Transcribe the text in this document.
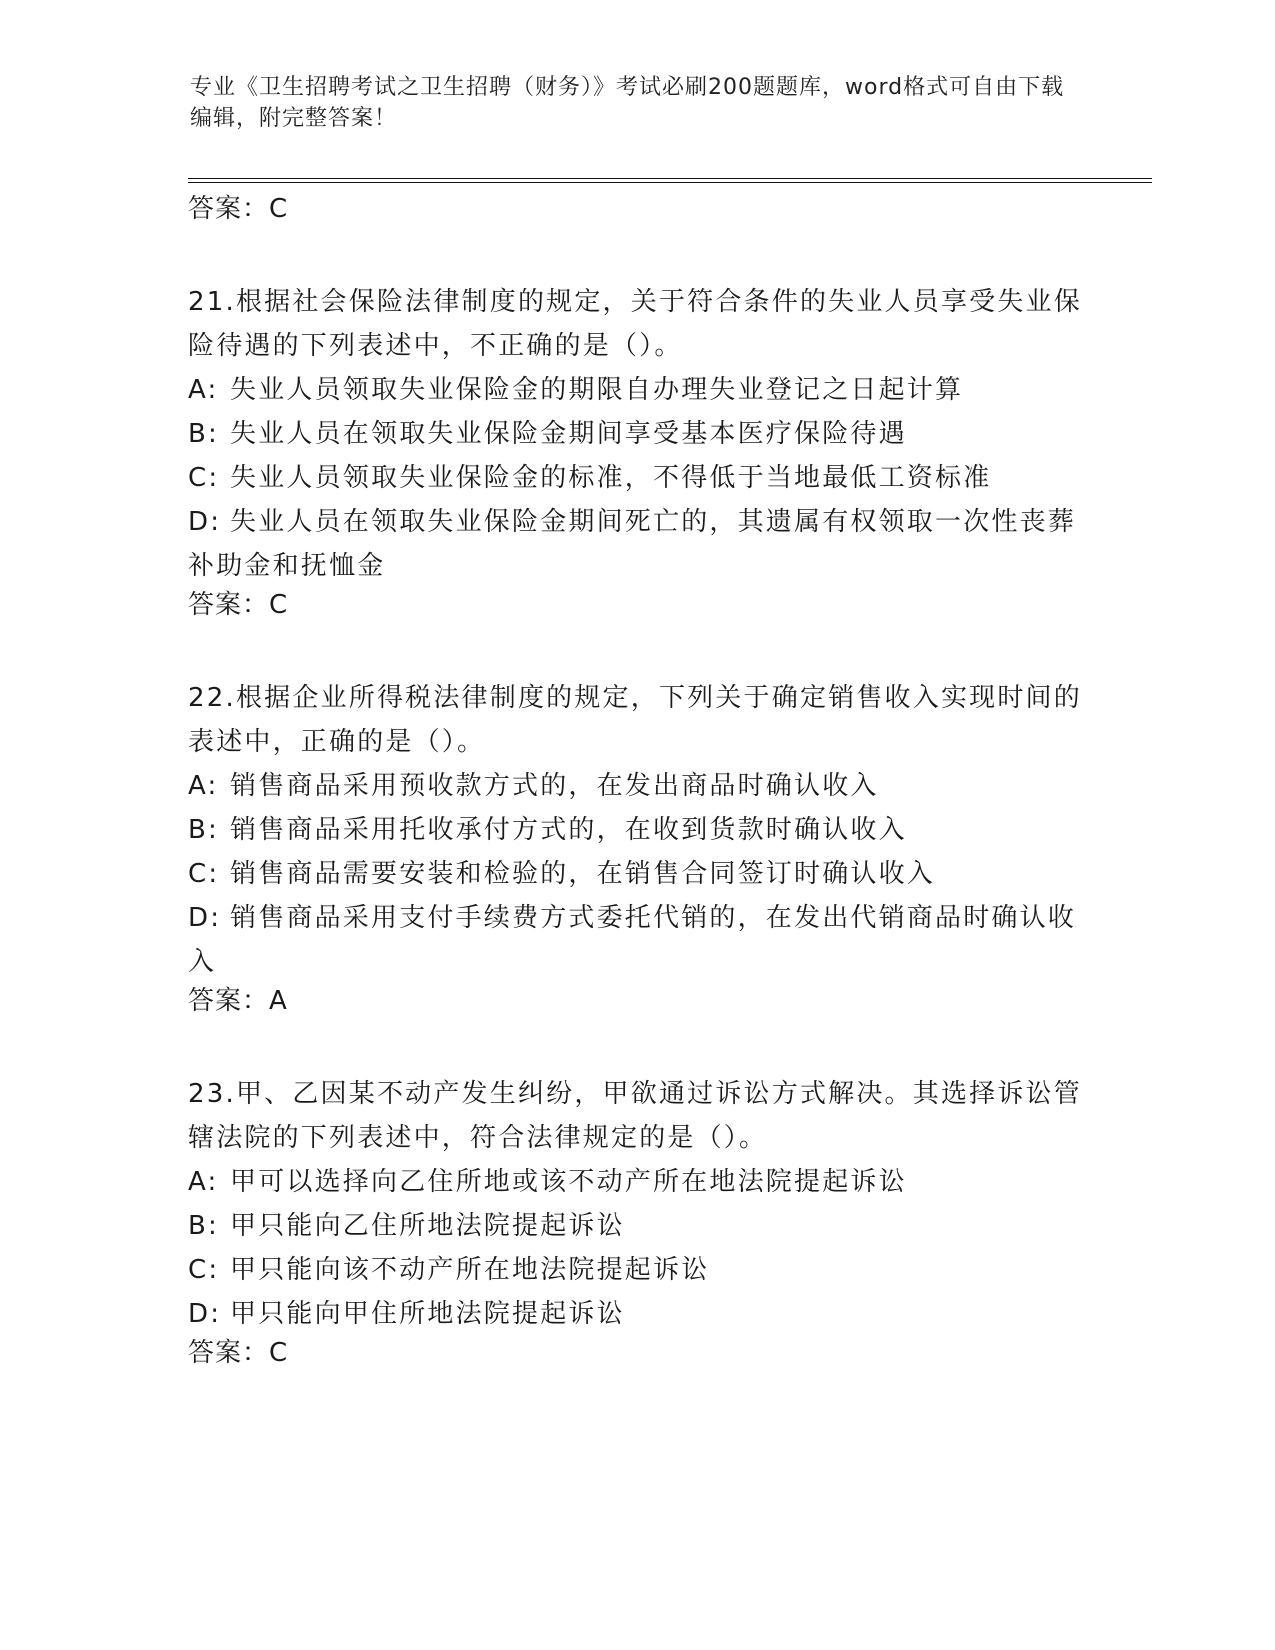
专业《卫生招聘考试之卫生招聘（财务）》考试必刷200题题库，word格式可自由下载编辑，附完整答案！

答案：C

21.根据社会保险法律制度的规定，关于符合条件的失业人员享受失业保险待遇的下列表述中，不正确的是（）。

A: 失业人员领取失业保险金的期限自办理失业登记之日起计算

B: 失业人员在领取失业保险金期间享受基本医疗保险待遇

C: 失业人员领取失业保险金的标准，不得低于当地最低工资标准

D: 失业人员在领取失业保险金期间死亡的，其遗属有权领取一次性丧葬补助金和抚恤金

答案：C

22.根据企业所得税法律制度的规定，下列关于确定销售收入实现时间的表述中，正确的是（）。

A: 销售商品采用预收款方式的，在发出商品时确认收入

B: 销售商品采用托收承付方式的，在收到货款时确认收入

C: 销售商品需要安装和检验的，在销售合同签订时确认收入

D: 销售商品采用支付手续费方式委托代销的，在发出代销商品时确认收入

答案：A

23.甲、乙因某不动产发生纠纷，甲欲通过诉讼方式解决。其选择诉讼管辖法院的下列表述中，符合法律规定的是（）。

A: 甲可以选择向乙住所地或该不动产所在地法院提起诉讼

B: 甲只能向乙住所地法院提起诉讼

C: 甲只能向该不动产所在地法院提起诉讼

D: 甲只能向甲住所地法院提起诉讼

答案：C
